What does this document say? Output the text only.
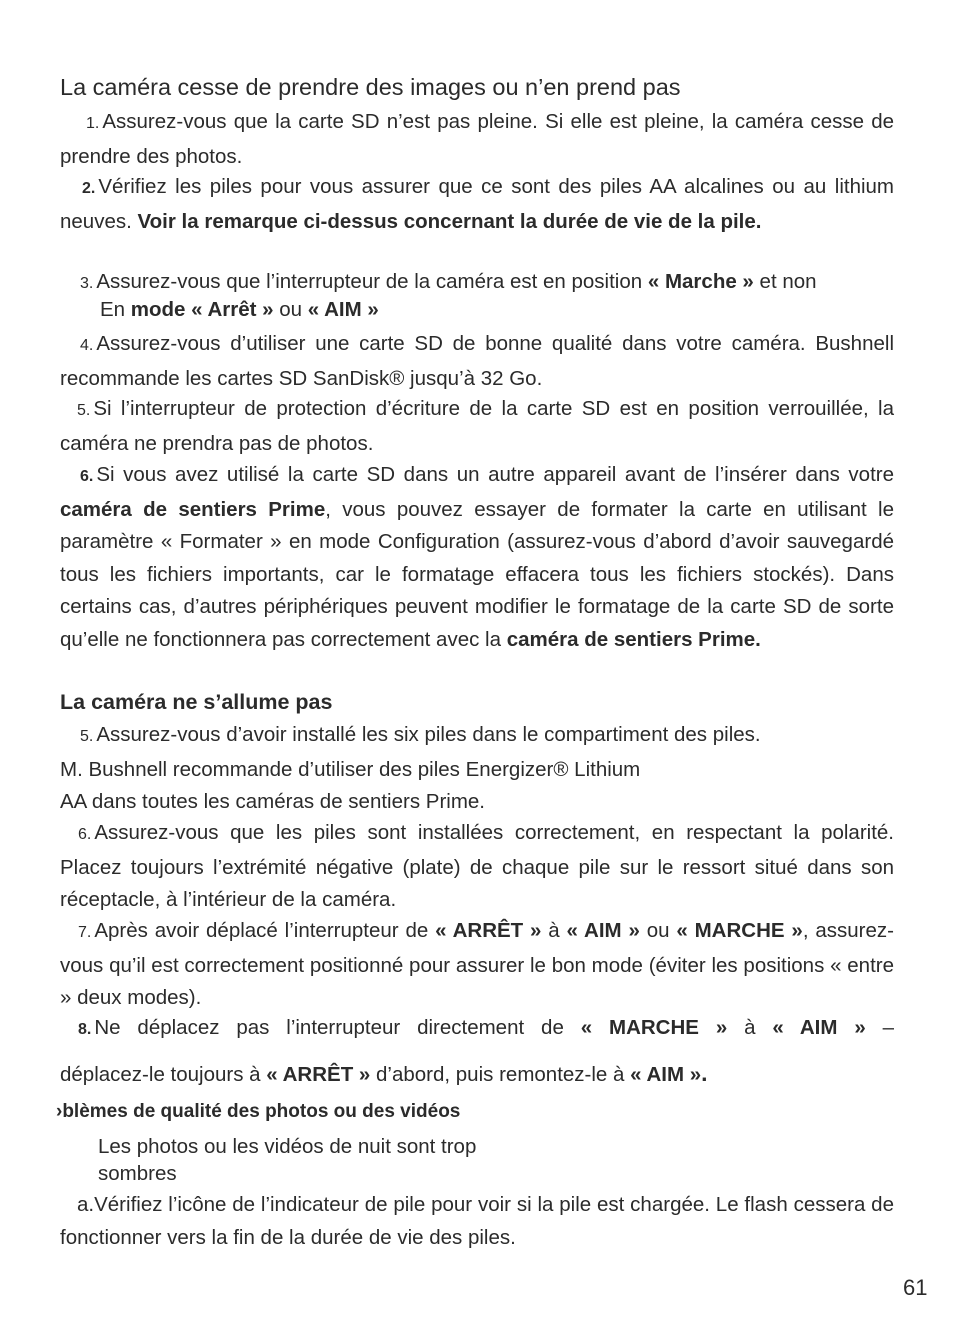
La caméra cesse de prendre des images ou n’en prend pas

1. Assurez-vous que la carte SD n’est pas pleine. Si elle est pleine, la caméra cesse de prendre des photos.

2. Vérifiez les piles pour vous assurer que ce sont des piles AA alcalines ou au lithium neuves. Voir la remarque ci-dessus concernant la durée de vie de la pile.

3. Assurez-vous que l’interrupteur de la caméra est en position « Marche » et non
En mode « Arrêt » ou « AIM »

4. Assurez-vous d’utiliser une carte SD de bonne qualité dans votre caméra. Bushnell recommande les cartes SD SanDisk® jusqu’à 32 Go.

5. Si l’interrupteur de protection d’écriture de la carte SD est en position verrouillée, la caméra ne prendra pas de photos.

6. Si vous avez utilisé la carte SD dans un autre appareil avant de l’insérer dans votre caméra de sentiers Prime, vous pouvez essayer de formater la carte en utilisant le paramètre « Formater » en mode Configuration (assurez-vous d’abord d’avoir sauvegardé tous les fichiers importants, car le formatage effacera tous les fichiers stockés). Dans certains cas, d’autres périphériques peuvent modifier le formatage de la carte SD de sorte qu’elle ne fonctionnera pas correctement avec la caméra de sentiers Prime.

La caméra ne s’allume pas
5. Assurez-vous d’avoir installé les six piles dans le compartiment des piles.
M. Bushnell recommande d’utiliser des piles Energizer® Lithium
AA dans toutes les caméras de sentiers Prime.

6. Assurez-vous que les piles sont installées correctement, en respectant la polarité. Placez toujours l’extrémité négative (plate) de chaque pile sur le ressort situé dans son réceptacle, à l’intérieur de la caméra.

7. Après avoir déplacé l’interrupteur de « ARRÊT » à « AIM » ou « MARCHE », assurez-vous qu’il est correctement positionné pour assurer le bon mode (éviter les positions « entre » deux modes).

8. Ne déplacez pas l’interrupteur directement de « MARCHE » à « AIM » –
déplacez-le toujours à « ARRÊT » d’abord, puis remontez-le à « AIM ».
›blèmes de qualité des photos ou des vidéos
Les photos ou les vidéos de nuit sont trop
sombres

a.Vérifiez l’icône de l’indicateur de pile pour voir si la pile est chargée. Le flash cessera de fonctionner vers la fin de la durée de vie des piles.

61
